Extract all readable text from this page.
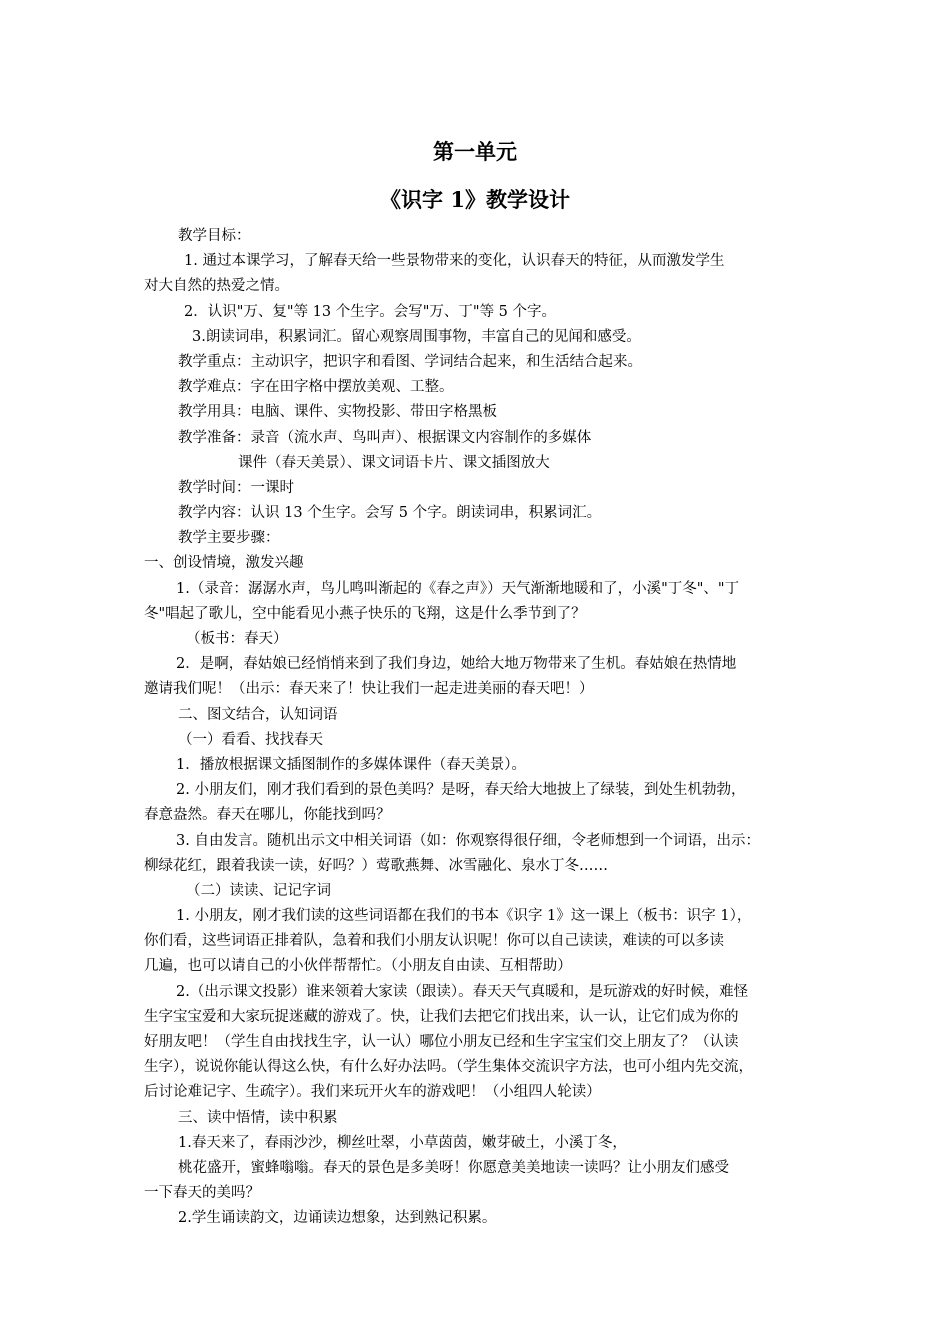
第一单元
《识字 1》教学设计
教学目标：
1. 通过本课学习，了解春天给一些景物带来的变化，认识春天的特征，从而激发学生
对大自然的热爱之情。
2．认识"万、复"等 13 个生字。会写"万、丁"等 5 个字。
3.朗读词串，积累词汇。留心观察周围事物，丰富自己的见闻和感受。
教学重点：主动识字，把识字和看图、学词结合起来，和生活结合起来。
教学难点：字在田字格中摆放美观、工整。
教学用具：电脑、课件、实物投影、带田字格黑板
教学准备：录音（流水声、鸟叫声）、根据课文内容制作的多媒体
课件（春天美景）、课文词语卡片、课文插图放大
教学时间：一课时
教学内容：认识 13 个生字。会写 5 个字。朗读词串，积累词汇。
教学主要步骤：
一、创设情境，激发兴趣
1.（录音：潺潺水声，鸟儿鸣叫渐起的《春之声》）天气渐渐地暖和了，小溪"丁冬"、"丁
冬"唱起了歌儿，空中能看见小燕子快乐的飞翔，这是什么季节到了？
（板书：春天）
2．是啊，春姑娘已经悄悄来到了我们身边，她给大地万物带来了生机。春姑娘在热情地
邀请我们呢！（出示：春天来了！快让我们一起走进美丽的春天吧！）
二、图文结合，认知词语
（一）看看、找找春天
1．播放根据课文插图制作的多媒体课件（春天美景）。
2. 小朋友们，刚才我们看到的景色美吗？是呀，春天给大地披上了绿装，到处生机勃勃，
春意盎然。春天在哪儿，你能找到吗？
3. 自由发言。随机出示文中相关词语（如：你观察得很仔细，令老师想到一个词语，出示：
柳绿花红，跟着我读一读，好吗？）莺歌燕舞、冰雪融化、泉水丁冬……
（二）读读、记记字词
1. 小朋友，刚才我们读的这些词语都在我们的书本《识字 1》这一课上（板书：识字 1），
你们看，这些词语正排着队，急着和我们小朋友认识呢！你可以自己读读，难读的可以多读
几遍，也可以请自己的小伙伴帮帮忙。（小朋友自由读、互相帮助）
2.（出示课文投影）谁来领着大家读（跟读）。春天天气真暖和，是玩游戏的好时候，难怪
生字宝宝爱和大家玩捉迷藏的游戏了。快，让我们去把它们找出来，认一认，让它们成为你的
好朋友吧！（学生自由找找生字，认一认）哪位小朋友已经和生字宝宝们交上朋友了？（认读
生字），说说你能认得这么快，有什么好办法吗。（学生集体交流识字方法，也可小组内先交流，
后讨论难记字、生疏字）。我们来玩开火车的游戏吧！（小组四人轮读）
三、读中悟情，读中积累
1.春天来了，春雨沙沙，柳丝吐翠，小草茵茵，嫩芽破土，小溪丁冬，
桃花盛开，蜜蜂嗡嗡。春天的景色是多美呀！你愿意美美地读一读吗？让小朋友们感受
一下春天的美吗？
2.学生诵读韵文，边诵读边想象，达到熟记积累。
